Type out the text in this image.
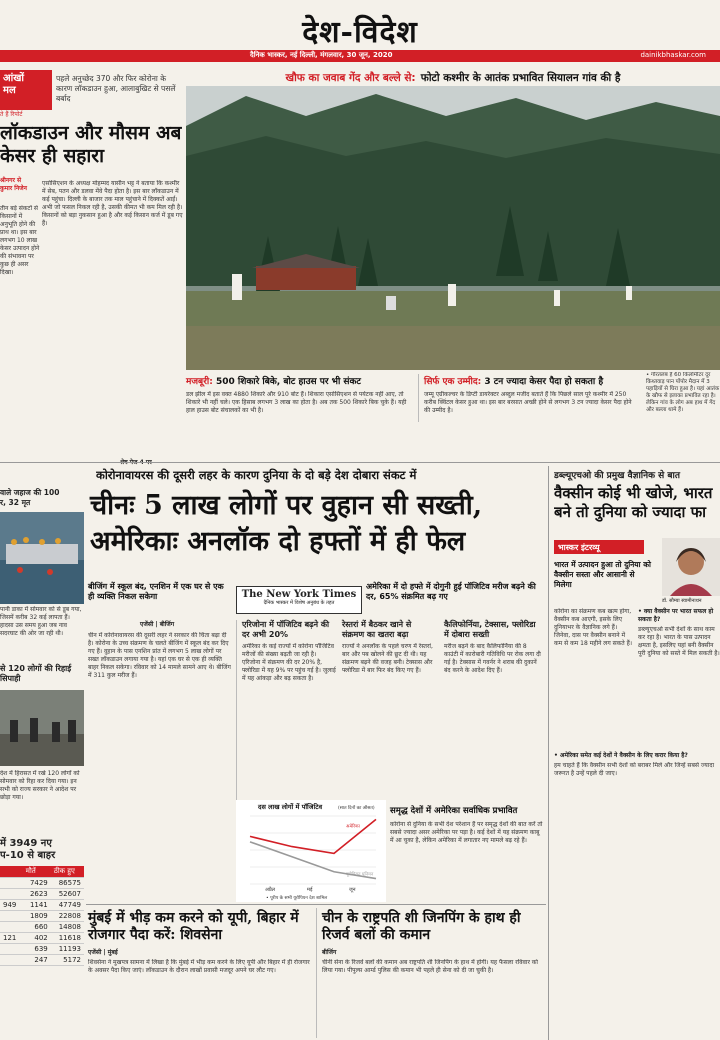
देश-विदेश
दैनिक भास्कर, नई दिल्ली, मंगलवार, 30 जून, 2020	dainikbhaskar.com
आंखों
मल
ते हैं रिपोर्ट
पहले अनुच्छेद 370 और फिर कोरोना के कारण लॉकडाउन हुआ, आलाबुखिट से पसलें बर्बाद
लॉकडाउन और मौसम अब केसर ही सहारा
श्रीनगर से
कुमार निजेन
तीन बड़े संकटों से किसानों में अनुभूति होने की प्राथ था। इस बार लगभग 10 लाख केसर उत्पादन होने की संभावना पर कुछ ही असर दिखा।
एसोसिएशन के अध्यक्ष मोहम्मद यासीन भट्ट ने बताया कि कश्मीर में सेब, पतन और डलवा मेंवे पैदा होता है। इस बार लॉकडाउन में कई पहुंचा। दिल्ली के बाजार तक माल पहुंचाने में दिक्कतें आईं। अभी जो फसल निकल रही है, उसकी कीमत भी कम मिल रही है। किसानों को बड़ा नुकसान हुआ है और कई किसान कर्ज में डूब गए हैं।
खौफ का जवाब गेंद और बल्ले से: फोटो कश्मीर के आतंक प्रभावित सियालन गांव की है
मजबूरी: 500 शिकारे बिके, बोट हाउस पर भी संकट
डल झील में इस वक्त 4880 शिकारे और 910 बोट हैं। शिकारा एसोसिएशन से पर्यटक नहीं आए, तो शिकारे भी नहीं चले। एक हिसाब लगभग 3 लाख का होता है। अब तक 500 शिकारे बिक चुके हैं। यही हाल हाउस बोट संचालकों का भी है।
सिर्फ एक उम्मीद: 3 टन ज्यादा केसर पैदा हो सकता है
जम्मू एग्रीकल्चर के डिप्टी डायरेक्टर अब्दुल मजीद बताते हैं कि पिछले साल पूरे कश्मीर में 250 करीब क्विंटल केसर हुआ था। इस बार बरसात अच्छी होने से लगभग 3 टन ज्यादा केसर पैदा होने की उम्मीद है।
• गौरतलब है 60 किलोमीटर दूर किश्तवाड़ पान पोंपोर मैदान में 3 पहाड़ियों से घिरा हुआ है। यहां आतंक के खौफ से इलाका प्रभावित रहा है। लेकिन गांव के लोग अब हाथ में गेंद और बल्ला थामे हैं।
कोरोनावायरस की दूसरी लहर के कारण दुनिया के दो बड़े देश दोबारा संकट में
चीनः 5 लाख लोगों पर वुहान सी सख्ती,
अमेरिकाः अनलॉक दो हफ्तों में ही फेल
बीजिंग में स्कूल बंद, एनशिन में एक घर से एक ही व्यक्ति निकल सकेगा	The New York Times
दैनिक भास्कर में विशेष अनुबंध के तहत
अमेरिका में दो हफ्ते में दोगुनी हुई पॉजिटिव मरीज बढ़ने की दर, 65% संक्रमित बढ़ गए
एजेंसी | बीजिंग
चीन में कोरोनावायरस की दूसरी लहर ने सरकार की चिंता बढ़ा दी है। कोरोना के उच्च संक्रमण के चलते बीजिंग में स्कूल बंद कर दिए गए हैं। वुहान के पास एनशिन प्रांत में लगभग 5 लाख लोगों पर सख्त लॉकडाउन लगाया गया है। यहां एक घर से एक ही व्यक्ति बाहर निकल सकेगा। रविवार को 14 मामले सामने आए थे। बीजिंग में 311 कुल मरीज हैं।
एरिजोना में पॉजिटिव बढ़ने की दर अभी 20%
अमेरिका के कई राज्यों में कोरोना पॉजिटिव मरीजों की संख्या बढ़ती जा रही है। एरिजोना में संक्रमण की दर 20% है, फ्लोरिडा में यह 9% पर पहुंच गई है। जुलाई में यह आंकड़ा और बढ़ सकता है।
रेस्तरां में बैठकर खाने से संक्रमण का खतरा बढ़ा
राज्यों ने अनलॉक के पहले चरण में रेस्तरां, बार और पब खोलने की छूट दी थी। यह संक्रमण बढ़ने की वजह बनी। टेक्सास और फ्लोरिडा में बार फिर बंद किए गए हैं।
कैलिफोर्निया, टेक्सास, फ्लोरिडा में दोबारा सख्ती
मरीज बढ़ने के बाद कैलिफोर्निया की 8 काउंटी में कारोबारी गतिविधि पर रोक लगा दी गई है। टेक्सास में गवर्नर ने शराब की दुकानें बंद करने के आदेश दिए हैं।
दस लाख लोगों में पॉजिटिव	(सात दिनों का औसत)
यूरोपियन यूनियन
अमेरिका
अप्रैल	मई	जून
• पूरीप के सभी यूरोपियन देश शामिल
समृद्ध देशों में अमेरिका सर्वाधिक प्रभावित
कोरोना से दुनिया के सभी देश परेशान हैं पर समृद्ध देशों की बात करें तो सबसे ज्यादा असर अमेरिका पर पड़ा है। कई देशों में यह संक्रमण काबू में आ चुका है, लेकिन अमेरिका में लगातार नए मामले बढ़ रहे हैं।
वाले जहाज की 100
र, 32 मृत
पानी डाका में सोमवार को से डूब गया, जिसमें करीब 32 कई लापता हैं। हादसा उस समय हुआ जब नाव सदरघाट की ओर जा रही थी।
से 120 लोगों की रिहाई
सिपाही
देश में हिरासत में रखे 120 लोगों को सोमवार को रिहा कर दिया गया। इन सभी को राज्य सरकार ने आदेश पर छोड़ा गया।
में 3949 नए
प-10 से बाहर
	मौतें	ठीक हुए
	7429	86575
	2623	52607
949	1141	47749
	1809	22808
	660	14808
121	402	11618
	639	11193
	247	5172
मुंबई में भीड़ कम करने को यूपी, बिहार में रोजगार पैदा करें: शिवसेना
एजेंसी | मुंबई
शिवसेना ने मुखपत्र सामना में लिखा है कि मुंबई में भीड़ कम करने के लिए यूपी और बिहार में ही रोजगार के अवसर पैदा किए जाएं। लॉकडाउन के दौरान लाखों प्रवासी मजदूर अपने घर लौट गए।
चीन के राष्ट्रपति शी जिनपिंग के हाथ ही रिजर्व बलों की कमान
बीजिंग
चीनी सेना के रिजर्व बलों की कमान अब राष्ट्रपति शी जिनपिंग के हाथ में होगी। यह फैसला रविवार को लिया गया। पीपुल्स आर्म्ड पुलिस की कमान भी पहले ही सेना को दी जा चुकी है।
डब्ल्यूएचओ की प्रमुख वैज्ञानिक से बात
वैक्सीन कोई भी खोजे, भारत बने तो दुनिया को ज्यादा फा
भास्कर इंटरव्यू
भारत में उत्पादन हुआ तो दुनिया को वैक्सीन सस्ता और आसानी से मिलेगा
डॉ. सौम्या स्वामीनाथन
कोरोना का संक्रमण कब खत्म होगा, वैक्सीन कब आएगी, इसके लिए दुनियाभर के वैज्ञानिक लगे हैं। जिनेवा, दास पर वैक्सीन बनाने में कम से कम 18 महीने लग सकते हैं।
• क्या वैक्सीन पर भारत सफल हो सकता है?
डब्ल्यूएचओ सभी देशों के साथ काम कर रहा है। भारत के पास उत्पादन क्षमता है, इसलिए यहां बनी वैक्सीन पूरी दुनिया को सस्ते में मिल सकती है।
• अमेरिका समेत कई देशों ने वैक्सीन के लिए करार किया है?
हम चाहते हैं कि वैक्सीन सभी देशों को बराबर मिले और जिन्हें सबसे ज्यादा जरूरत है उन्हें पहले दी जाए।
